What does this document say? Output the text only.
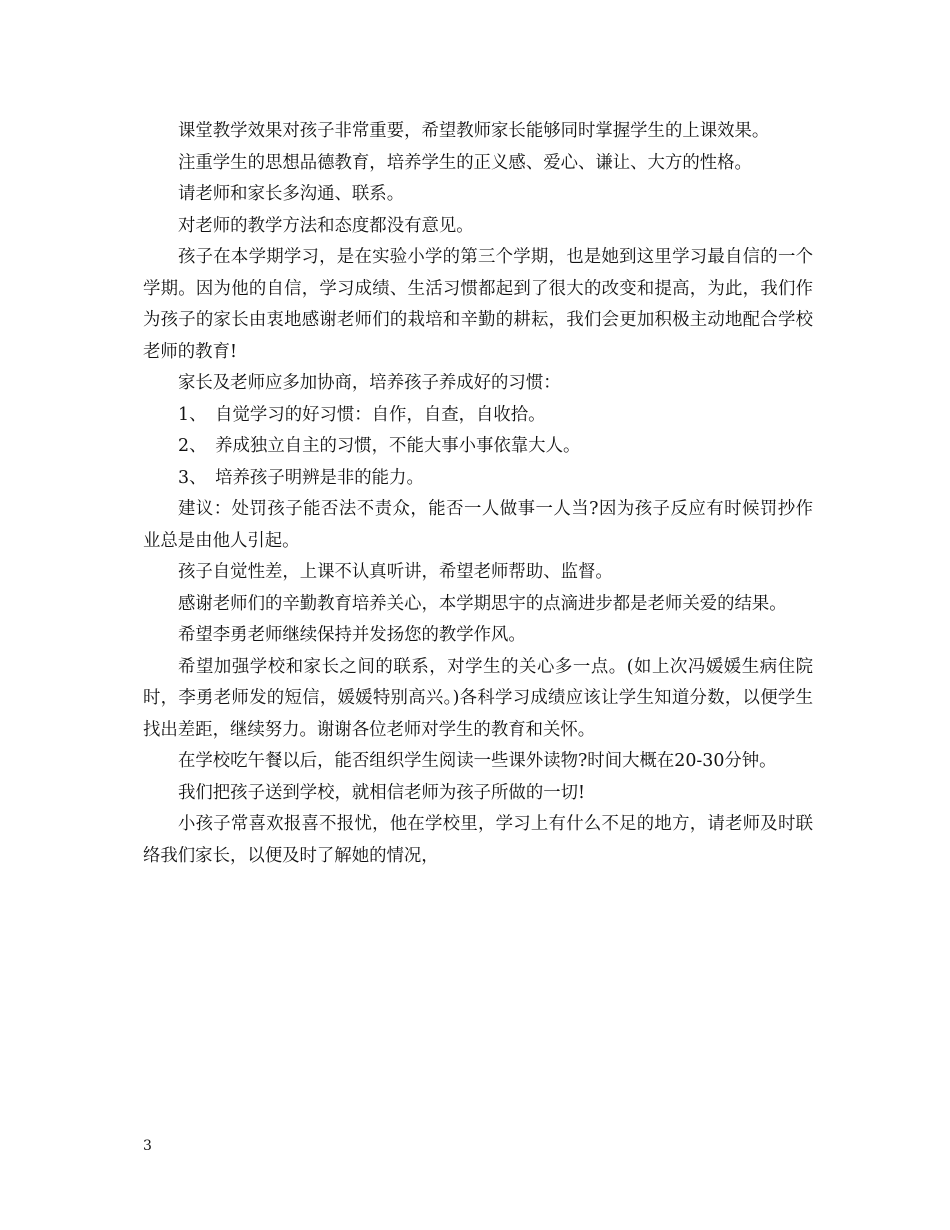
课堂教学效果对孩子非常重要，希望教师家长能够同时掌握学生的上课效果。

注重学生的思想品德教育，培养学生的正义感、爱心、谦让、大方的性格。

请老师和家长多沟通、联系。

对老师的教学方法和态度都没有意见。

孩子在本学期学习，是在实验小学的第三个学期，也是她到这里学习最自信的一个学期。因为他的自信，学习成绩、生活习惯都起到了很大的改变和提高，为此，我们作为孩子的家长由衷地感谢老师们的栽培和辛勤的耕耘，我们会更加积极主动地配合学校老师的教育!

家长及老师应多加协商，培养孩子养成好的习惯：

1、　自觉学习的好习惯：自作，自查，自收拾。

2、　养成独立自主的习惯，不能大事小事依靠大人。

3、　培养孩子明辨是非的能力。

建议：处罚孩子能否法不责众，能否一人做事一人当?因为孩子反应有时候罚抄作业总是由他人引起。

孩子自觉性差，上课不认真听讲，希望老师帮助、监督。

感谢老师们的辛勤教育培养关心，本学期思宇的点滴进步都是老师关爱的结果。

希望李勇老师继续保持并发扬您的教学作风。

希望加强学校和家长之间的联系，对学生的关心多一点。(如上次冯媛媛生病住院时，李勇老师发的短信，媛媛特别高兴。)各科学习成绩应该让学生知道分数，以便学生找出差距，继续努力。谢谢各位老师对学生的教育和关怀。

在学校吃午餐以后，能否组织学生阅读一些课外读物?时间大概在20-30分钟。

我们把孩子送到学校，就相信老师为孩子所做的一切!

小孩子常喜欢报喜不报忧，他在学校里，学习上有什么不足的地方，请老师及时联络我们家长，以便及时了解她的情况，

3
